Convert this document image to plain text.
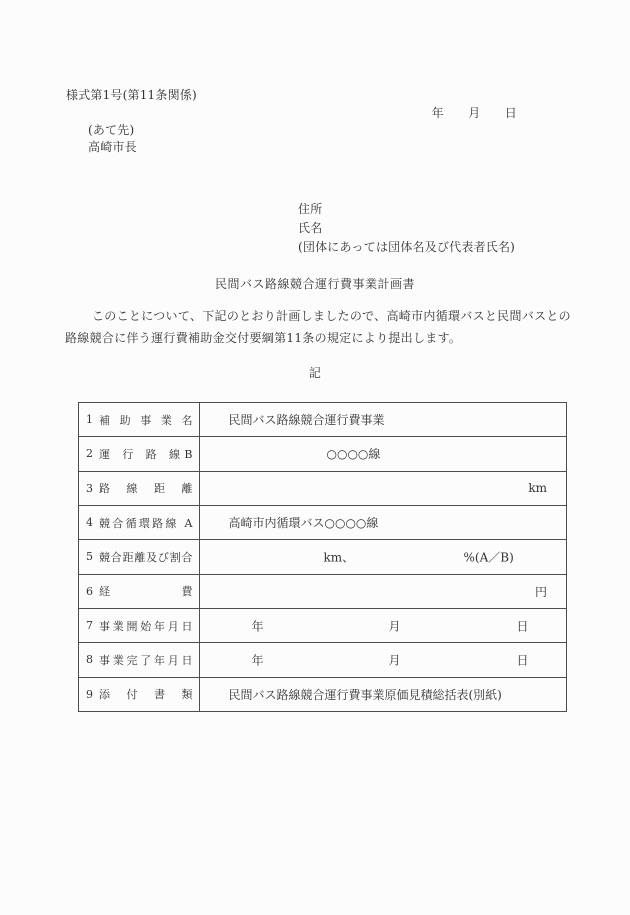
様式第1号(第11条関係)
年　　月　　日
(あて先)
高崎市長
住所
氏名
(団体にあっては団体名及び代表者氏名)
民間バス路線競合運行費事業計画書
このことについて、下記のとおり計画しましたので、高崎市内循環バスと民間バスとの
路線競合に伴う運行費補助金交付要綱第11条の規定により提出します。
記
1 補 助 事 業 名	民間バス路線競合運行費事業
2 運 行 路 線B	○○○○線
3 路 線 距 離	km
4 競合循環路線 A	高崎市内循環バス○○○○線
5 競合距離及び割合	km、	%(A／B)
6 経 費	円
7 事業開始年月日	年	月	日
8 事業完了年月日	年	月	日
9 添 付 書 類	民間バス路線競合運行費事業原価見積総括表(別紙)
